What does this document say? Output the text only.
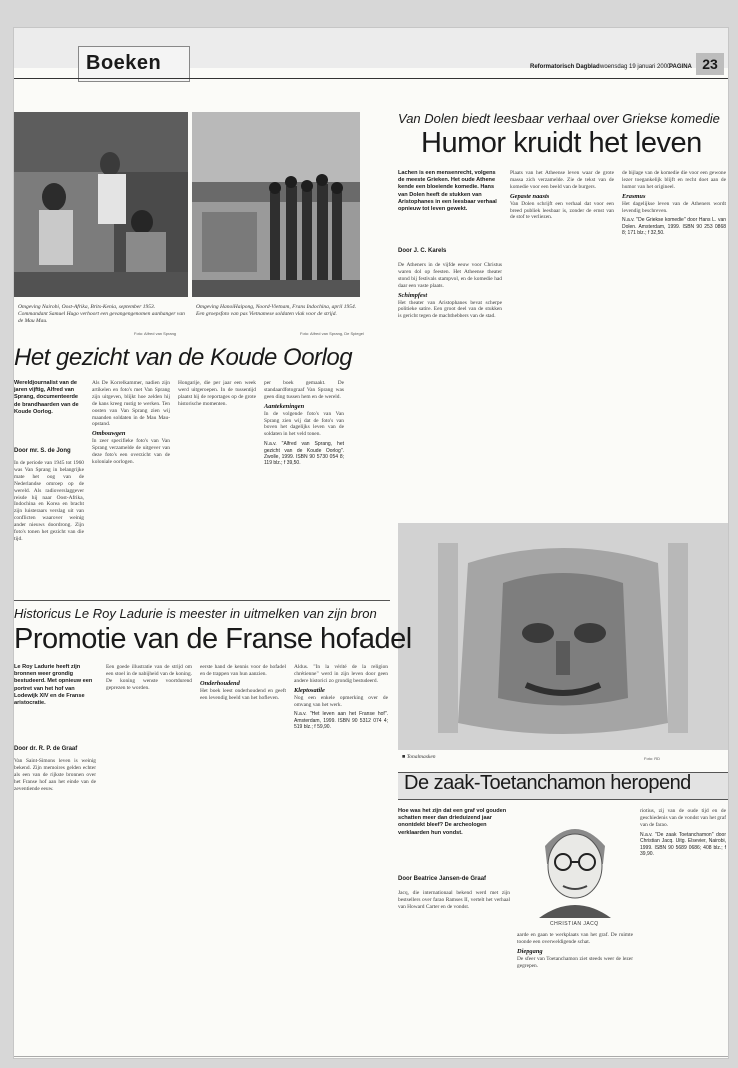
Boeken	Reformatorisch Dagblad woensdag 19 januari 2000
PAGINA 23
Omgeving Nairobi, Oost-Afrika, Brits-Kenia, september 1953. Commandant Samuel Hugo verhoort een gevangengenomen aanhanger van de Mau Mau.
Foto: Alfred van Sprang
Omgeving HanoiHaipong, Noord-Vietnam, Frans Indochina, april 1954. Een groepsfoto van pas Vietnamese soldaten vlak voor de strijd.
Foto: Alfred van Sprang, De Spiegel
Het gezicht van de Koude Oorlog
Wereldjournalist van de jaren vijftig, Alfred van Sprang, documenteerde de brandhaarden van de Koude Oorlog.
Door mr. S. de Jong
In de periode van 1945 tot 1960 was Van Sprang in belangrijke mate het oog van de Nederlandse omroep op de wereld. Als radioverslaggever reisde hij naar Oost-Afrika, Indochina en Korea en bracht zijn luisteraars verslag uit van conflicten waarover weinig ander nieuws doordrong. Zijn foto's tonen het gezicht van die tijd.
Als De Korrelkammer, nadien zijn artikelen en foto's met Van Sprang zijn uitgeven, blijkt hoe zelden hij de kans kreeg rustig te werken. Ten oosten van Van Sprang zien wij maanden soldaten in de Mau Mau-opstand.
Ombouwgen
In zeer specifieke foto's van Van Sprang verzamelde de uitgever van deze foto's een overzicht van de koloniale oorlogen.
Hongarije, die per jaar een week werd uitgeroepen. In de tussentijd plaatst hij de reportages op de grote historische momenten.
per boek gemaakt. De standaardfotograaf Van Sprang was geen ding tussen hem en de wereld.
Aantekeningen
In de volgende foto's van Van Sprang zien wij dat de foto's van boven het dagelijks leven van de soldaten in het veld tonen.
N.a.v. "Alfred van Sprang, het gezicht van de Koude Oorlog". Zwolle, 1999. ISBN 90 5730 054 8; 119 blz.; f 39,50.
Van Dolen biedt leesbaar verhaal over Griekse komedie
Humor kruidt het leven
Lachen is een mensenrecht, volgens de meeste Grieken. Het oude Athene kende een bloeiende komedie. Hans van Dolen heeft de stukken van Aristophanes in een leesbaar verhaal opnieuw tot leven gewekt.
Door J. C. Karels
De Atheners in de vijfde eeuw voor Christus waren dol op feesten. Het Atheense theater stond bij festivals stampvol, en de komedie had daar een vaste plaats.
Schimpfest
Het theater van Aristophanes bevat scherpe politieke satire. Een groot deel van de stukken is gericht tegen de machthebbers van de stad.
Plaats van het Atheense leven waar de grote massa zich verzamelde. Zie de tekst van de komedie voor een beeld van de burgers.
Gepaste naasts
Van Dolen schrijft een verhaal dat voor een breed publiek leesbaar is, zonder de ernst van de stof te verliezen.
de bijlage van de komedie die voor een gewone lezer toegankelijk blijft en recht doet aan de humor van het origineel.
Erasmus
Het dagelijkse leven van de Atheners wordt levendig beschreven.
N.a.v. "De Griekse komedie" door Hans L. van Dolen. Amsterdam, 1999. ISBN 90 253 0868 8; 171 blz.; f 32,50.
■ Tonalmasken	Foto: RD
Historicus Le Roy Ladurie is meester in uitmelken van zijn bron
Promotie van de Franse hofadel
Le Roy Ladurie heeft zijn bronnen weer grondig bestudeerd. Met opnieuw een portret van het hof van Lodewijk XIV en de Franse aristocratie.
Door dr. R. P. de Graaf
Van Saint-Simons leven is weinig bekend. Zijn memoires gelden echter als een van de rijkste bronnen over het Franse hof aan het einde van de zeventiende eeuw.
Een goede illustratie van de strijd om een stoel in de nabijheid van de koning. De koning wenste voortdurend geprezen te worden.
eerste hand de kennis voor de hofadel en de trappen van hun aanzien.
Onderhoudend
Het boek leest onderhoudend en geeft een levendig beeld van het hofleven.
Aldus. "In la vérité de la religion chrétienne" werd in zijn leven door geen andere historici zo grondig bestudeerd.
Kleptosatile
Nog een enkele opmerking over de omvang van het werk.
N.a.v. "Het leven aan het Franse hof". Amsterdam, 1999. ISBN 90 5312 074 4; 519 blz.; f 59,90.
De zaak-Toetanchamon heropend
Hoe was het zijn dat een graf vol gouden schatten meer dan drieduizend jaar onontdekt bleef? De archeologen verklaarden hun vondst.
Door Beatrice Jansen-de Graaf
Jacq, die internationaal bekend werd met zijn bestsellers over farao Ramses II, vertelt het verhaal van Howard Carter en de vondst.
CHRISTIAN JACQ
aarde en gaan te werkplaats van het graf. De ruimte toonde een overweldigende schat.
Diepgang
De sfeer van Toetanchamon ziet steeds weer de lezer gegrepen.
riotius, zij van de oude tijd en de geschiedenis van de vondst van het graf van de farao.
N.a.v. "De zaak Toetanchamon" door Christian Jacq. Uitg. Elsevier, Nairobi, 1999. ISBN 90 5689 0686; 408 blz.; f 39,90.
